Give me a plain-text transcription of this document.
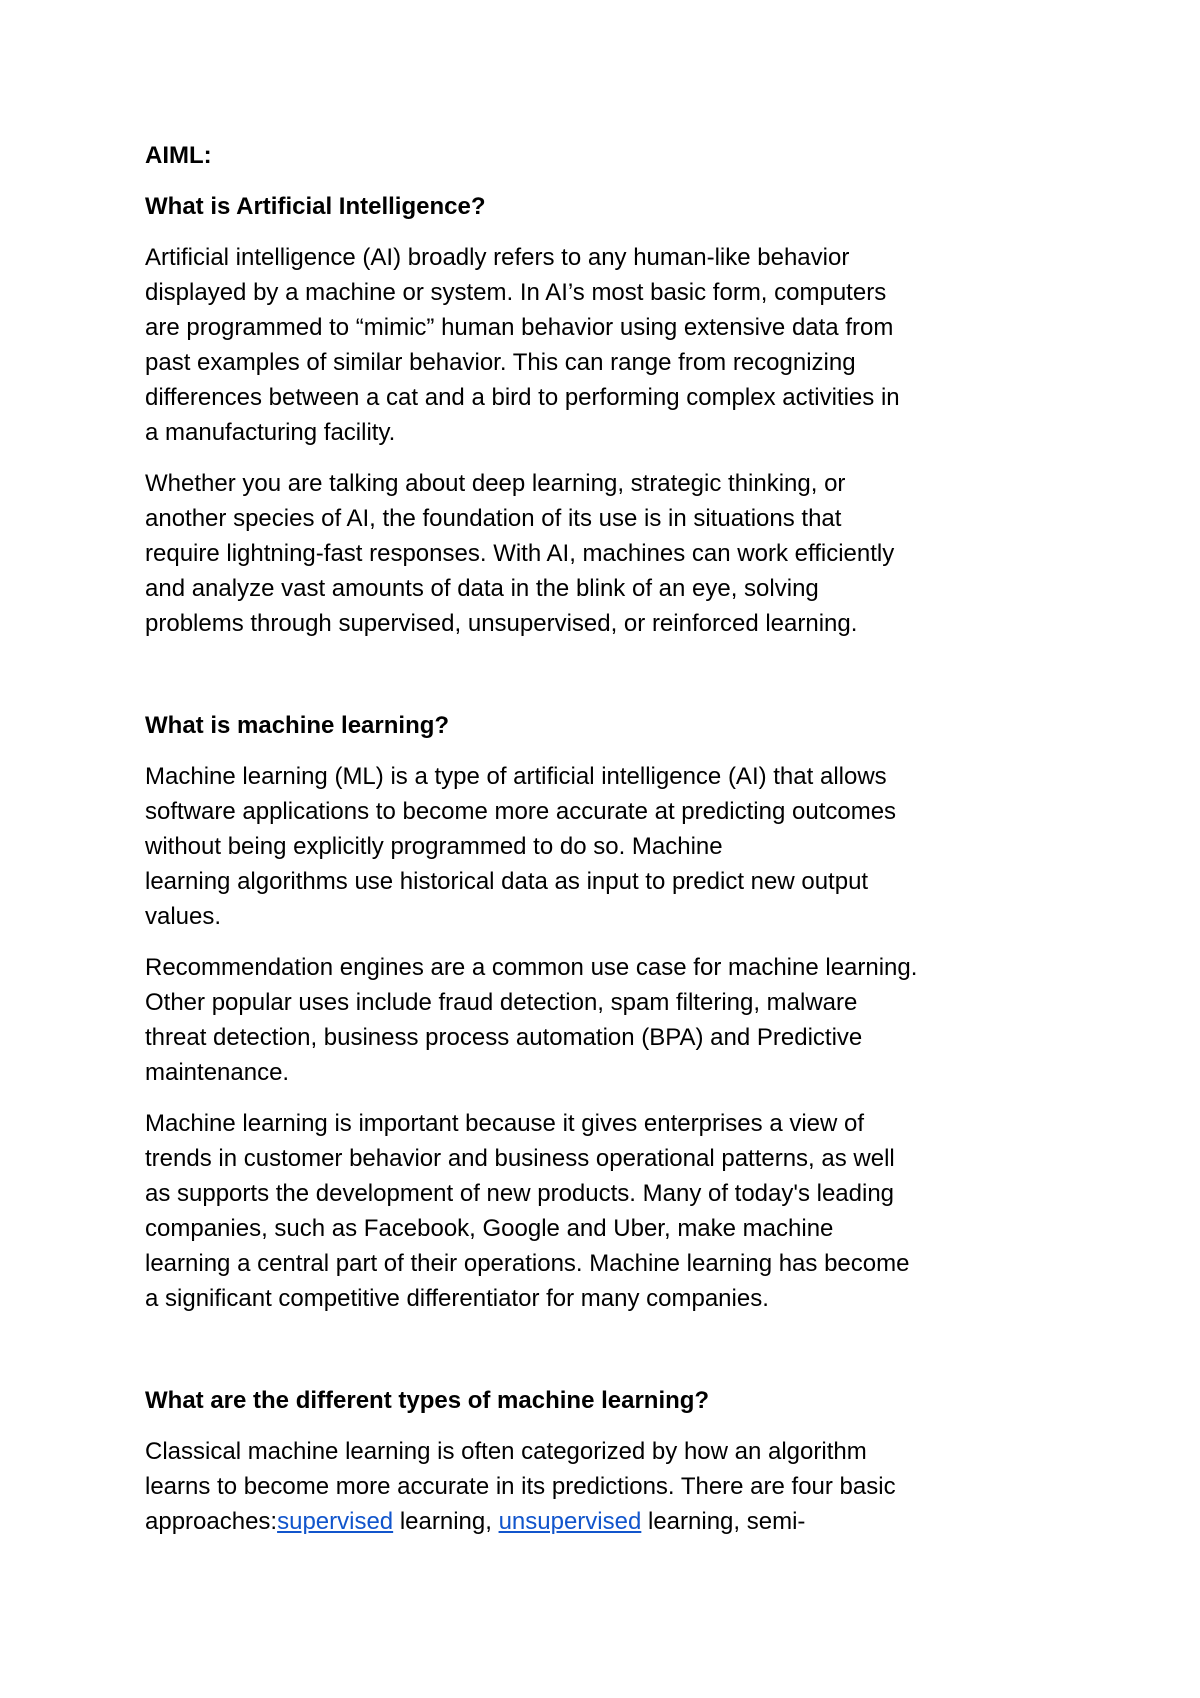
AIML:

What is Artificial Intelligence?

Artificial intelligence (AI) broadly refers to any human-like behavior
displayed by a machine or system. In AI’s most basic form, computers
are programmed to “mimic” human behavior using extensive data from
past examples of similar behavior. This can range from recognizing
differences between a cat and a bird to performing complex activities in
a manufacturing facility.

Whether you are talking about deep learning, strategic thinking, or
another species of AI, the foundation of its use is in situations that
require lightning-fast responses. With AI, machines can work efficiently
and analyze vast amounts of data in the blink of an eye, solving
problems through supervised, unsupervised, or reinforced learning.

What is machine learning?

Machine learning (ML) is a type of artificial intelligence (AI) that allows
software applications to become more accurate at predicting outcomes
without being explicitly programmed to do so. Machine
learning algorithms use historical data as input to predict new output
values.

Recommendation engines are a common use case for machine learning.
Other popular uses include fraud detection, spam filtering, malware
threat detection, business process automation (BPA) and Predictive
maintenance.

Machine learning is important because it gives enterprises a view of
trends in customer behavior and business operational patterns, as well
as supports the development of new products. Many of today's leading
companies, such as Facebook, Google and Uber, make machine
learning a central part of their operations. Machine learning has become
a significant competitive differentiator for many companies.

What are the different types of machine learning?

Classical machine learning is often categorized by how an algorithm
learns to become more accurate in its predictions. There are four basic
approaches:supervised learning, unsupervised learning, semi-
